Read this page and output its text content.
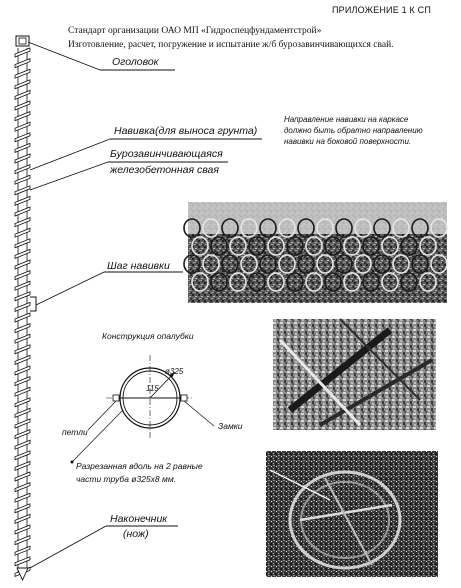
ПРИЛОЖЕНИЕ 1 К СП
Стандарт организации ОАО МП «Гидроспецфундаментстрой»
Изготовление, расчет, погружение и испытание ж/б бурозавинчивающихся свай.
Оголовок
Навивка(для выноса грунта)
Бурозавинчивающаяся
железобетонная свая
Шаг навивки
Наконечник
(нож)
Направление навивки на каркасе должно быть обратно направлению навивки на боковой поверхности.
Конструкция опалубки
115
ø325
петли
Замки
Разрезанная вдоль на 2 равные
части труба ø325х8 мм.
